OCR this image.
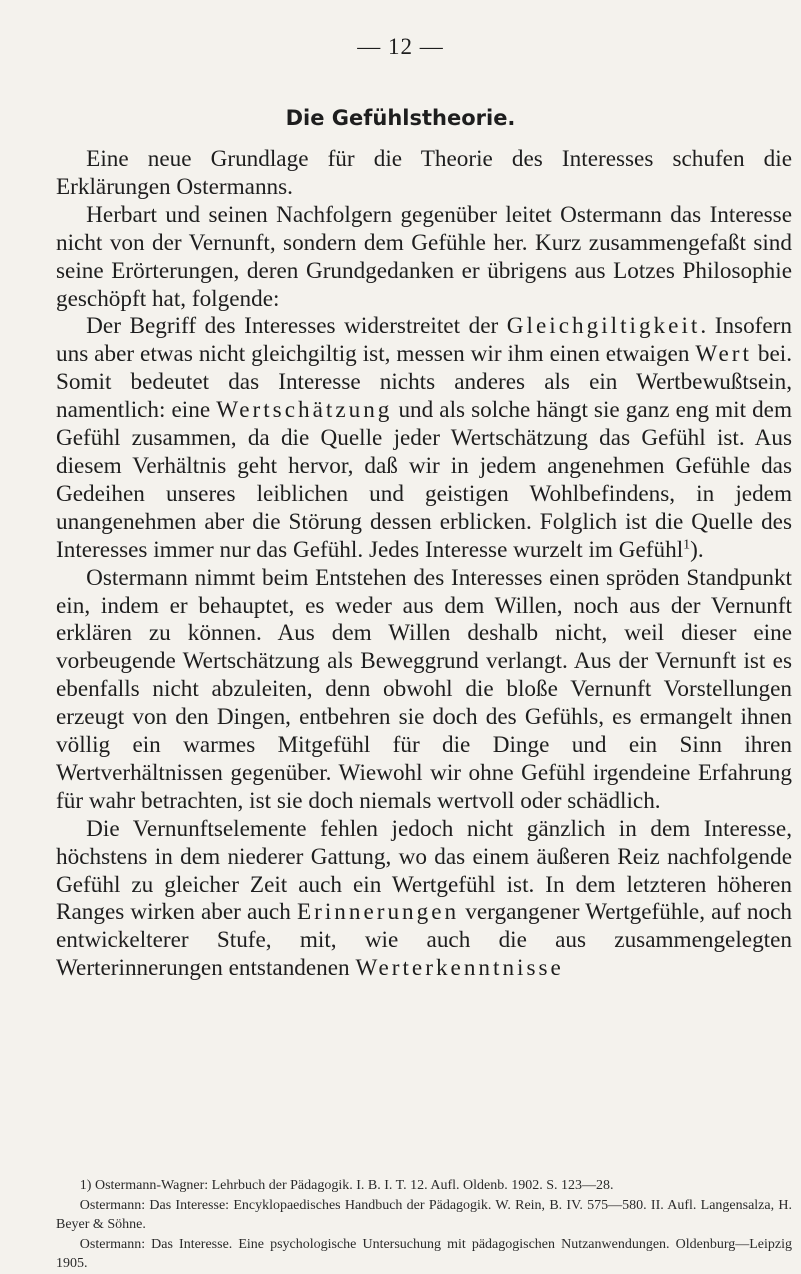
— 12 —
Die Gefühlstheorie.

Eine neue Grundlage für die Theorie des Interesses schufen die Erklärungen Ostermanns.

Herbart und seinen Nachfolgern gegenüber leitet Ostermann das Interesse nicht von der Vernunft, sondern dem Gefühle her. Kurz zusammengefaßt sind seine Erörterungen, deren Grundgedanken er übrigens aus Lotzes Philosophie geschöpft hat, folgende:

Der Begriff des Interesses widerstreitet der Gleichgiltigkeit. Insofern uns aber etwas nicht gleichgiltig ist, messen wir ihm einen etwaigen Wert bei. Somit bedeutet das Interesse nichts anderes als ein Wertbewußtsein, namentlich: eine Wertschätzung und als solche hängt sie ganz eng mit dem Gefühl zusammen, da die Quelle jeder Wertschätzung das Gefühl ist. Aus diesem Verhältnis geht hervor, daß wir in jedem angenehmen Gefühle das Gedeihen unseres leiblichen und geistigen Wohlbefindens, in jedem unangenehmen aber die Störung dessen erblicken. Folglich ist die Quelle des Interesses immer nur das Gefühl. Jedes Interesse wurzelt im Gefühl$^1$).

Ostermann nimmt beim Entstehen des Interesses einen spröden Standpunkt ein, indem er behauptet, es weder aus dem Willen, noch aus der Vernunft erklären zu können. Aus dem Willen deshalb nicht, weil dieser eine vorbeugende Wertschätzung als Beweggrund verlangt. Aus der Vernunft ist es ebenfalls nicht abzuleiten, denn obwohl die bloße Vernunft Vorstellungen erzeugt von den Dingen, entbehren sie doch des Gefühls, es ermangelt ihnen völlig ein warmes Mitgefühl für die Dinge und ein Sinn ihren Wertverhältnissen gegenüber. Wiewohl wir ohne Gefühl irgendeine Erfahrung für wahr betrachten, ist sie doch niemals wertvoll oder schädlich.

Die Vernunftselemente fehlen jedoch nicht gänzlich in dem Interesse, höchstens in dem niederer Gattung, wo das einem äußeren Reiz nachfolgende Gefühl zu gleicher Zeit auch ein Wertgefühl ist. In dem letzteren höheren Ranges wirken aber auch Erinnerungen vergangener Wertgefühle, auf noch entwickelterer Stufe, mit, wie auch die aus zusammengelegten Werterinnerungen entstandenen Werterkenntnisse

1) Ostermann-Wagner: Lehrbuch der Pädagogik. I. B. I. T. 12. Aufl. Oldenb. 1902. S. 123—28.

Ostermann: Das Interesse: Encyklopaedisches Handbuch der Pädagogik. W. Rein, B. IV. 575—580. II. Aufl. Langensalza, H. Beyer & Söhne.

Ostermann: Das Interesse. Eine psychologische Untersuchung mit pädagogischen Nutzanwendungen. Oldenburg—Leipzig 1905.
